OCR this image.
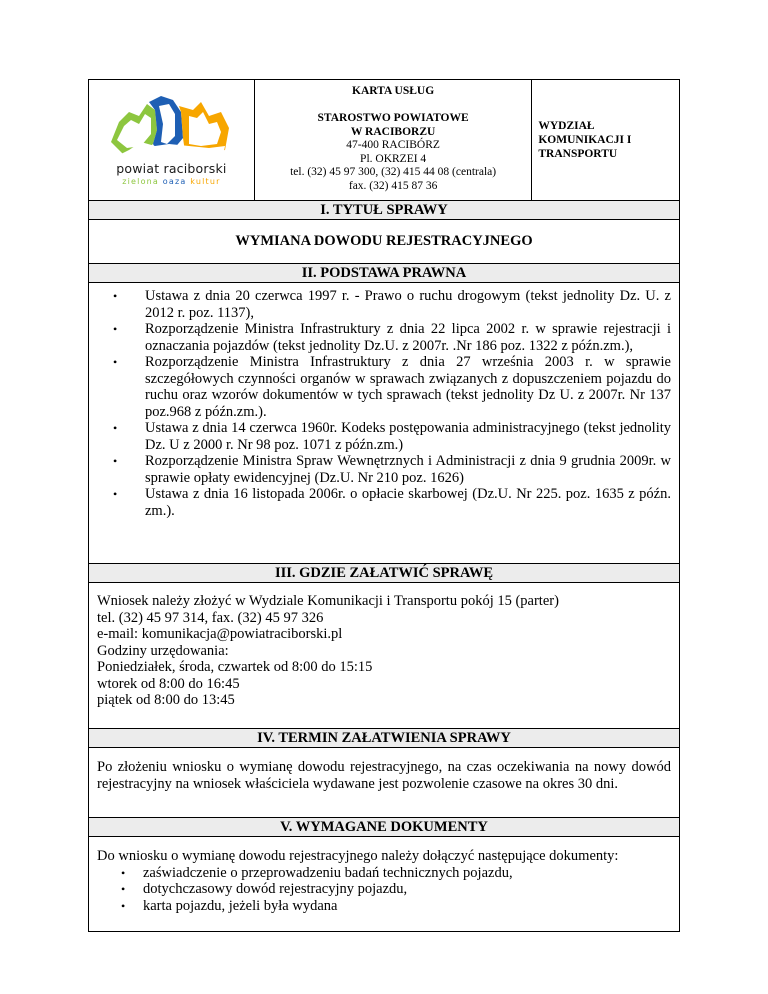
powiat raciborski
zielona oaza kultur

KARTA USŁUG
STAROSTWO POWIATOWE
W RACIBORZU
47-400 RACIBÓRZ
Pl. OKRZEI 4
tel. (32) 45 97 300, (32) 415 44 08 (centrala)
fax. (32) 415 87 36

WYDZIAŁ
KOMUNIKACJI I
TRANSPORTU
I. TYTUŁ SPRAWY
WYMIANA DOWODU REJESTRACYJNEGO
II. PODSTAWA PRAWNA
• Ustawa z dnia 20 czerwca 1997 r. - Prawo o ruchu drogowym (tekst jednolity Dz. U. z 2012 r. poz. 1137),
• Rozporządzenie Ministra Infrastruktury z dnia 22 lipca 2002 r. w sprawie rejestracji i oznaczania pojazdów (tekst jednolity Dz.U. z 2007r. .Nr 186 poz. 1322 z późn.zm.),
• Rozporządzenie Ministra Infrastruktury z dnia 27 września 2003 r. w sprawie szczegółowych czynności organów w sprawach związanych z dopuszczeniem pojazdu do ruchu oraz wzorów dokumentów w tych sprawach (tekst jednolity Dz U. z 2007r. Nr 137 poz.968 z późn.zm.).
• Ustawa z dnia 14 czerwca 1960r. Kodeks postępowania administracyjnego (tekst jednolity Dz. U z 2000 r. Nr 98 poz. 1071 z późn.zm.)
• Rozporządzenie Ministra Spraw Wewnętrznych i Administracji z dnia 9 grudnia 2009r. w sprawie opłaty ewidencyjnej (Dz.U. Nr 210 poz. 1626)
• Ustawa z dnia 16 listopada 2006r. o opłacie skarbowej (Dz.U. Nr 225. poz. 1635 z późn. zm.).
III. GDZIE ZAŁATWIĆ SPRAWĘ
Wniosek należy złożyć w Wydziale Komunikacji i Transportu pokój 15 (parter)
tel. (32) 45 97 314, fax. (32) 45 97 326
e-mail: komunikacja@powiatraciborski.pl
Godziny urzędowania:
Poniedziałek, środa, czwartek od 8:00 do 15:15
wtorek od 8:00 do 16:45
piątek od 8:00 do 13:45
IV. TERMIN ZAŁATWIENIA SPRAWY
Po złożeniu wniosku o wymianę dowodu rejestracyjnego, na czas oczekiwania na nowy dowód rejestracyjny na wniosek właściciela wydawane jest pozwolenie czasowe na okres 30 dni.
V. WYMAGANE DOKUMENTY
Do wniosku o wymianę dowodu rejestracyjnego należy dołączyć następujące dokumenty:
• zaświadczenie o przeprowadzeniu badań technicznych pojazdu,
• dotychczasowy dowód rejestracyjny pojazdu,
• karta pojazdu, jeżeli była wydana
